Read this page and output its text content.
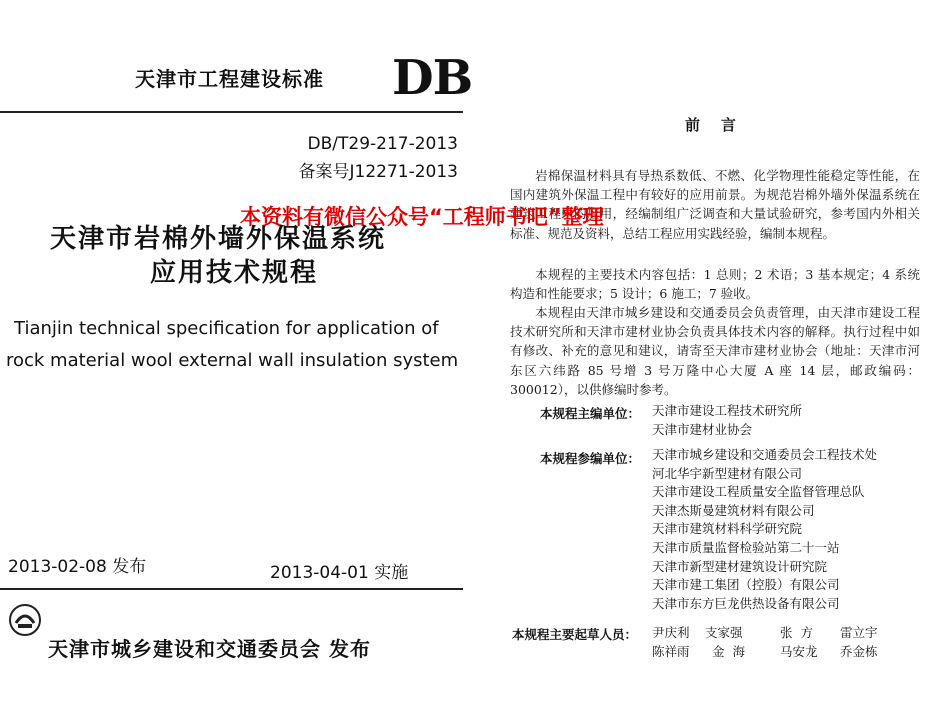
天津市工程建设标准 DB
DB/T29-217-2013
备案号J12271-2013
天津市岩棉外墙外保温系统
应用技术规程
Tianjin technical specification for application of
rock material wool external wall insulation system
2013-02-08 发布	2013-04-01 实施
天津市城乡建设和交通委员会 发布
前    言
岩棉保温材料具有导热系数低、不燃、化学物理性能稳定等性能，在国内建筑外保温工程中有较好的应用前景。为规范岩棉外墙外保温系统在建筑工程中的应用，经编制组广泛调查和大量试验研究，参考国内外相关标准、规范及资料，总结工程应用实践经验，编制本规程。
本规程的主要技术内容包括：1 总则；2 术语；3 基本规定；4 系统构造和性能要求；5 设计；6 施工；7 验收。
本规程由天津市城乡建设和交通委员会负责管理，由天津市建设工程技术研究所和天津市建材业协会负责具体技术内容的解释。执行过程中如有修改、补充的意见和建议，请寄至天津市建材业协会（地址：天津市河东区六纬路 85 号增 3 号万隆中心大厦 A 座 14 层，邮政编码：300012），以供修编时参考。
本规程主编单位： 天津市建设工程技术研究所
天津市建材业协会
本规程参编单位： 天津市城乡建设和交通委员会工程技术处
河北华宇新型建材有限公司
天津市建设工程质量安全监督管理总队
天津杰斯曼建筑材料有限公司
天津市建筑材料科学研究院
天津市质量监督检验站第二十一站
天津市新型建材建筑设计研究院
天津市建工集团（控股）有限公司
天津市东方巨龙供热设备有限公司
本规程主要起草人员： 尹庆利 支家强	张  方 雷立宇
陈祥雨 金  海	马安龙 乔金栋
本资料有微信公众号“工程师书吧”整理
